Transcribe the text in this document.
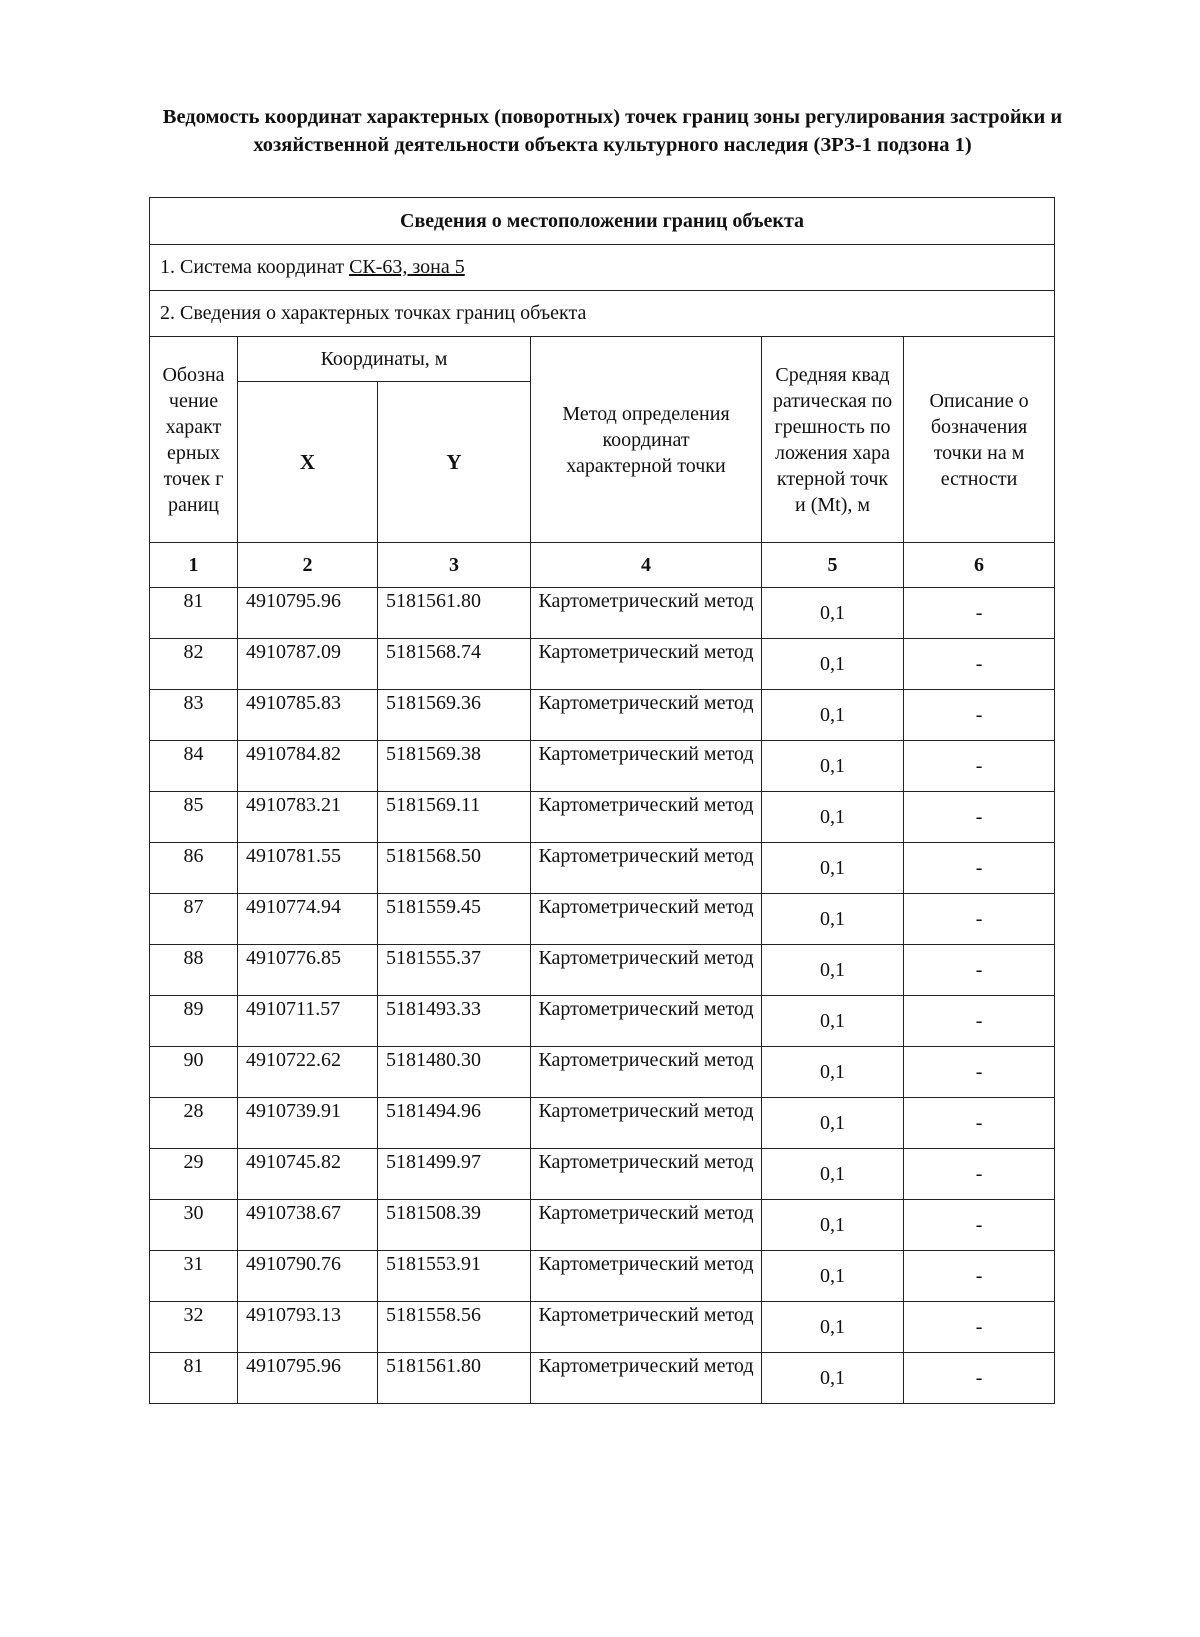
Ведомость координат характерных (поворотных) точек границ зоны регулирования застройки и хозяйственной деятельности объекта культурного наследия (ЗРЗ-1 подзона 1)
Сведения о местоположении границ объекта					
1. Система координат СК-63, зона 5					
2. Сведения о характерных точках границ объекта					

Обозначение характерных точек границ	Координаты, м		Метод определения координат характерной точки	Средняя квадратическая погрешность положения характерной точки (Mt), м	Описание обозначения точки на местности

	X	Y			
1	2	3	4	5	6
81	4910795.96	5181561.80	Картометрический метод	0,1	-
82	4910787.09	5181568.74	Картометрический метод	0,1	-
83	4910785.83	5181569.36	Картометрический метод	0,1	-
84	4910784.82	5181569.38	Картометрический метод	0,1	-
85	4910783.21	5181569.11	Картометрический метод	0,1	-
86	4910781.55	5181568.50	Картометрический метод	0,1	-
87	4910774.94	5181559.45	Картометрический метод	0,1	-
88	4910776.85	5181555.37	Картометрический метод	0,1	-
89	4910711.57	5181493.33	Картометрический метод	0,1	-
90	4910722.62	5181480.30	Картометрический метод	0,1	-
28	4910739.91	5181494.96	Картометрический метод	0,1	-
29	4910745.82	5181499.97	Картометрический метод	0,1	-
30	4910738.67	5181508.39	Картометрический метод	0,1	-
31	4910790.76	5181553.91	Картометрический метод	0,1	-
32	4910793.13	5181558.56	Картометрический метод	0,1	-
81	4910795.96	5181561.80	Картометрический метод	0,1	-
